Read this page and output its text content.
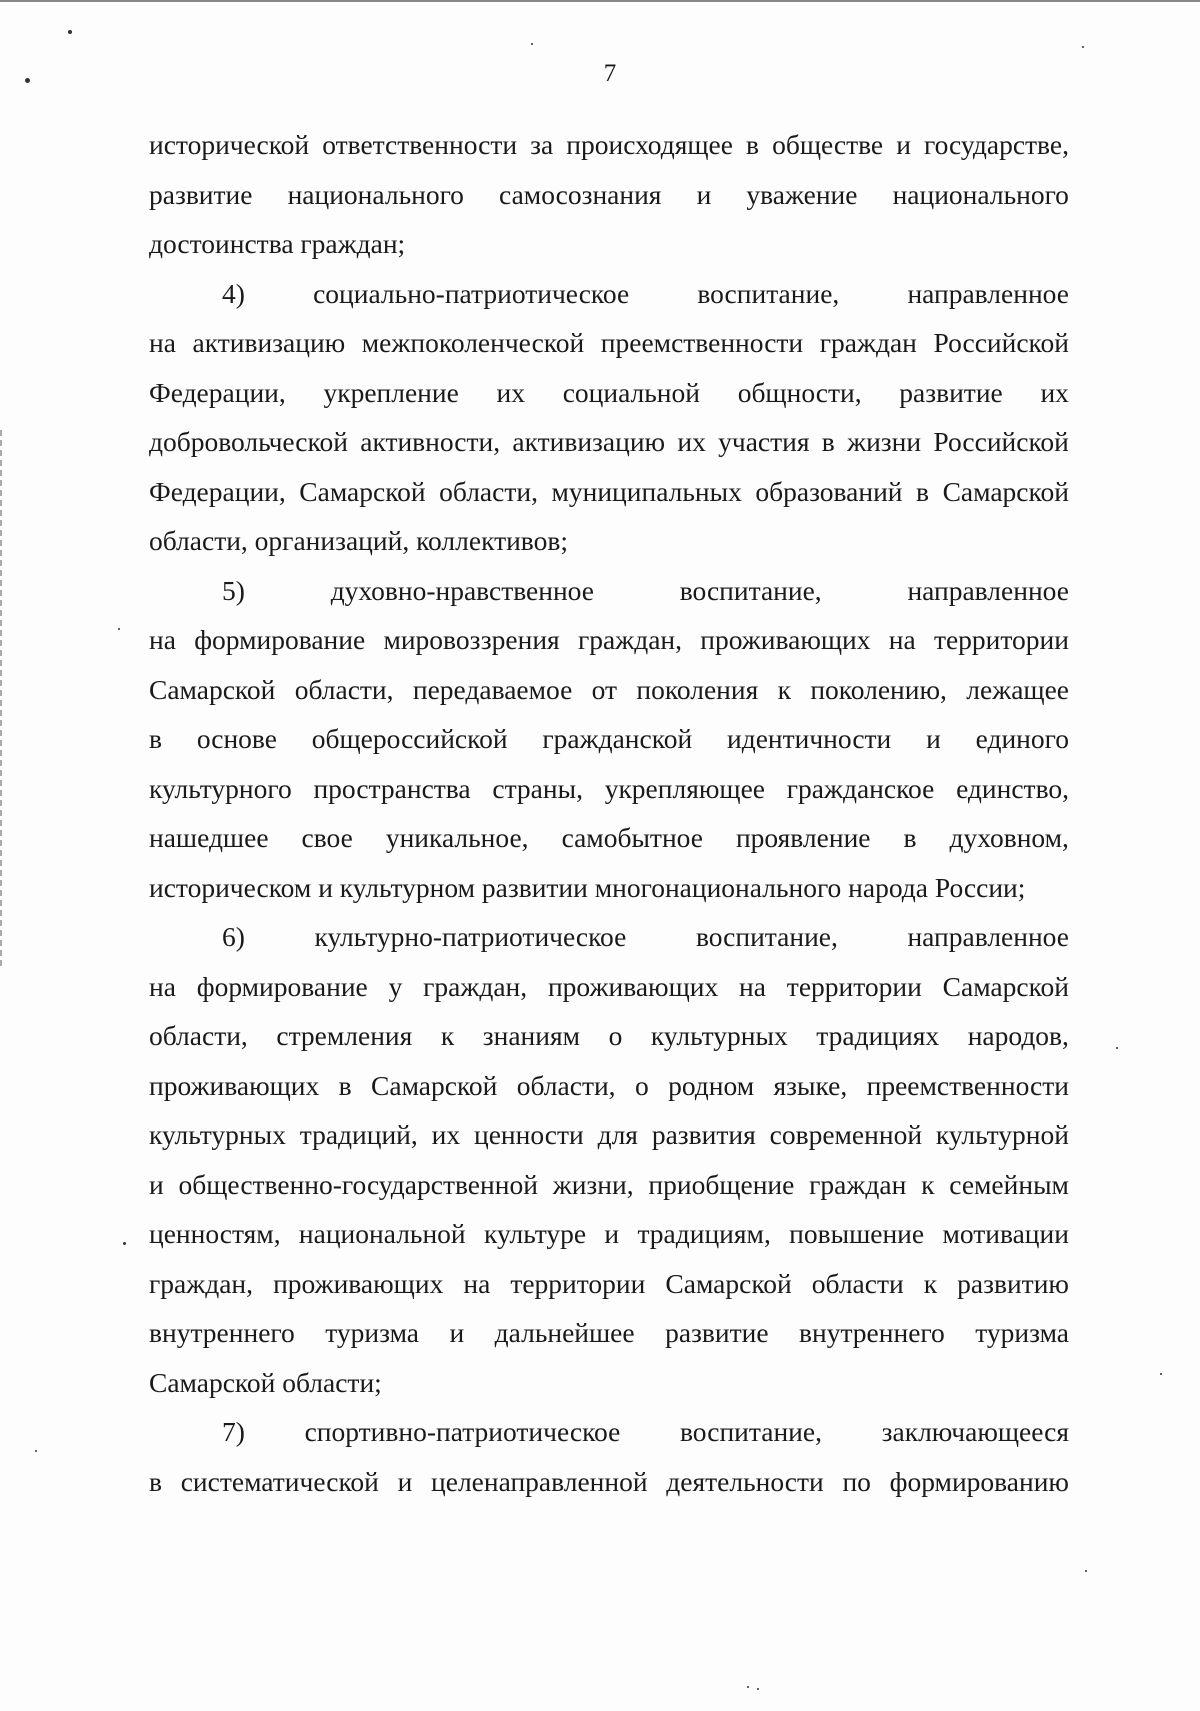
7
исторической ответственности за происходящее в обществе и государстве,
развитие национального самосознания и уважение национального
достоинства граждан;
4) социально-патриотическое воспитание, направленное
на активизацию межпоколенческой преемственности граждан Российской
Федерации, укрепление их социальной общности, развитие их
добровольческой активности, активизацию их участия в жизни Российской
Федерации, Самарской области, муниципальных образований в Самарской
области, организаций, коллективов;
5)	духовно-нравственное	воспитание,	направленное
на формирование мировоззрения граждан, проживающих на территории
Самарской области, передаваемое от поколения к поколению, лежащее
в основе общероссийской гражданской идентичности и единого
культурного пространства страны, укрепляющее гражданское единство,
нашедшее свое уникальное, самобытное проявление в духовном,
историческом и культурном развитии многонационального народа России;
6)	культурно-патриотическое	воспитание,	направленное
на формирование у граждан, проживающих на территории Самарской
области, стремления к знаниям о культурных традициях народов,
проживающих в Самарской области, о родном языке, преемственности
культурных традиций, их ценности для развития современной культурной
и общественно-государственной жизни, приобщение граждан к семейным
ценностям, национальной культуре и традициям, повышение мотивации
граждан, проживающих на территории Самарской области к развитию
внутреннего туризма и дальнейшее развитие внутреннего туризма
Самарской области;
7) спортивно-патриотическое воспитание, заключающееся
в систематической и целенаправленной деятельности по формированию
